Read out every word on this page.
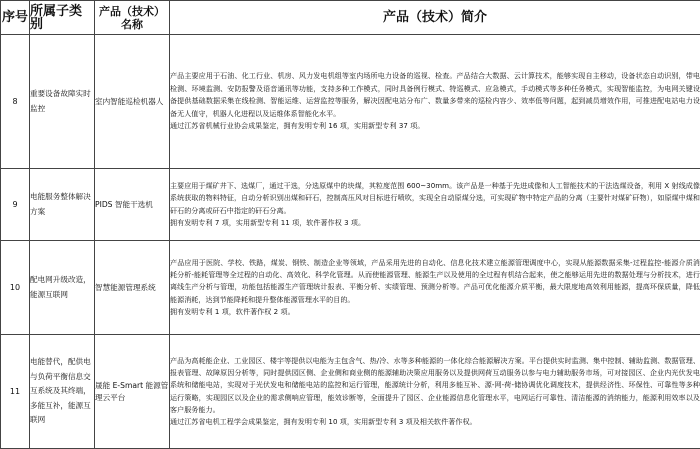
序号	所属子类别	产品（技术）名称	产品（技术）简介
8	重要设备故障实时监控	室内智能巡检机器人	产品主要应用于石油、化工行业、机房、风力发电机组等室内场所电力设备的巡视、检查。产品结合大数据、云计算技术，能够实现自主移动，设备状态自动识别，带电检测、环境监测、安防报警及语音通讯等功能，支持多种工作模式，同时具备例行模式、特巡模式、应急模式，手动模式等多种任务模式，实现智能监控，为电网关键设备提供基础数据采集在线检测、智能运维、运营监控等服务，解决因配电站分布广、数量多带来的巡检内容少、效率低等问题，起到减员增效作用，可推进配电站电力设备无人值守，机器人化进程以及运维体系智能化水平。

通过江苏省机械行业协会成果鉴定，拥有发明专利 16 项，实用新型专利 37 项。

9	电能服务整体解决方案	PIDS 智能干选机	主要应用于煤矿井下、选煤厂，通过干选，分选原煤中的块煤，其粒度范围 600~30mm。该产品是一种基于先进成像和人工智能技术的干法选煤设备，利用 X 射线成像系统获取的物料特征，自动分析识别出煤和矸石，控制高压风对目标进行喷吹，实现全自动原煤分选，可实现矿物中特定产品的分离（主要针对煤矿矸物），如原煤中煤和矸石的分离或矸石中指定的矸石分离。

拥有发明专利 7 项，实用新型专利 11 项，软件著作权 3 项。

10	配电网升级改造，能源互联网	智慧能源管理系统	产品应用于医院、学校、铁路，煤炭、钢铁、制造企业等领域，产品采用先进的自动化、信息化技术建立能源管理调度中心，实现从能源数据采集-过程监控-能源介质消耗分析-能耗管理等全过程的自动化、高效化、科学化管理。从而使能源管理、能源生产以及使用的全过程有机结合起来，使之能够运用先进的数据处理与分析技术，进行离线生产分析与管理，功能包括能源生产管理统计报表、平衡分析、实绩管理、预测分析等。产品可优化能源介质平衡，最大限度地高效利用能源，提高环保质量，降低能源消耗，达到节能降耗和提升整体能源管理水平的目的。

拥有发明专利 1 项，软件著作权 2 项。

11	电能替代，配供电与负荷平衡信息交互系统及其终端，多能互补，能源互联网	晟能 E-Smart 能源管理云平台	产品为高耗能企业、工业园区、楼宇等提供以电能为主包含气、热/冷、水等多种能源的一体化综合能源解决方案。平台提供实时监测、集中控制、辅助监测、数据管理、报表管理、故障原因分析等，同时提供园区侧、企业侧和商业侧的能源辅助决策应用服务以及提供网荷互动服务以参与电力辅助服务市场，可对接园区、企业内光伏发电系统和储能电站，实现对于光伏发电和储能电站的监控和运行管理，能源统计分析，利用多能互补、源-网-荷-储协调优化调度技术，提供经济性、环保性、可靠性等多种运行策略，实现园区以及企业的需求侧响应管理，能效诊断等，全面提升了园区、企业能源信息化管理水平，电网运行可靠性、清洁能源的消纳能力，能源利用效率以及客户服务能力。

通过江苏省电机工程学会成果鉴定，拥有发明专利 10 项，实用新型专利 3 项及相关软件著作权。
